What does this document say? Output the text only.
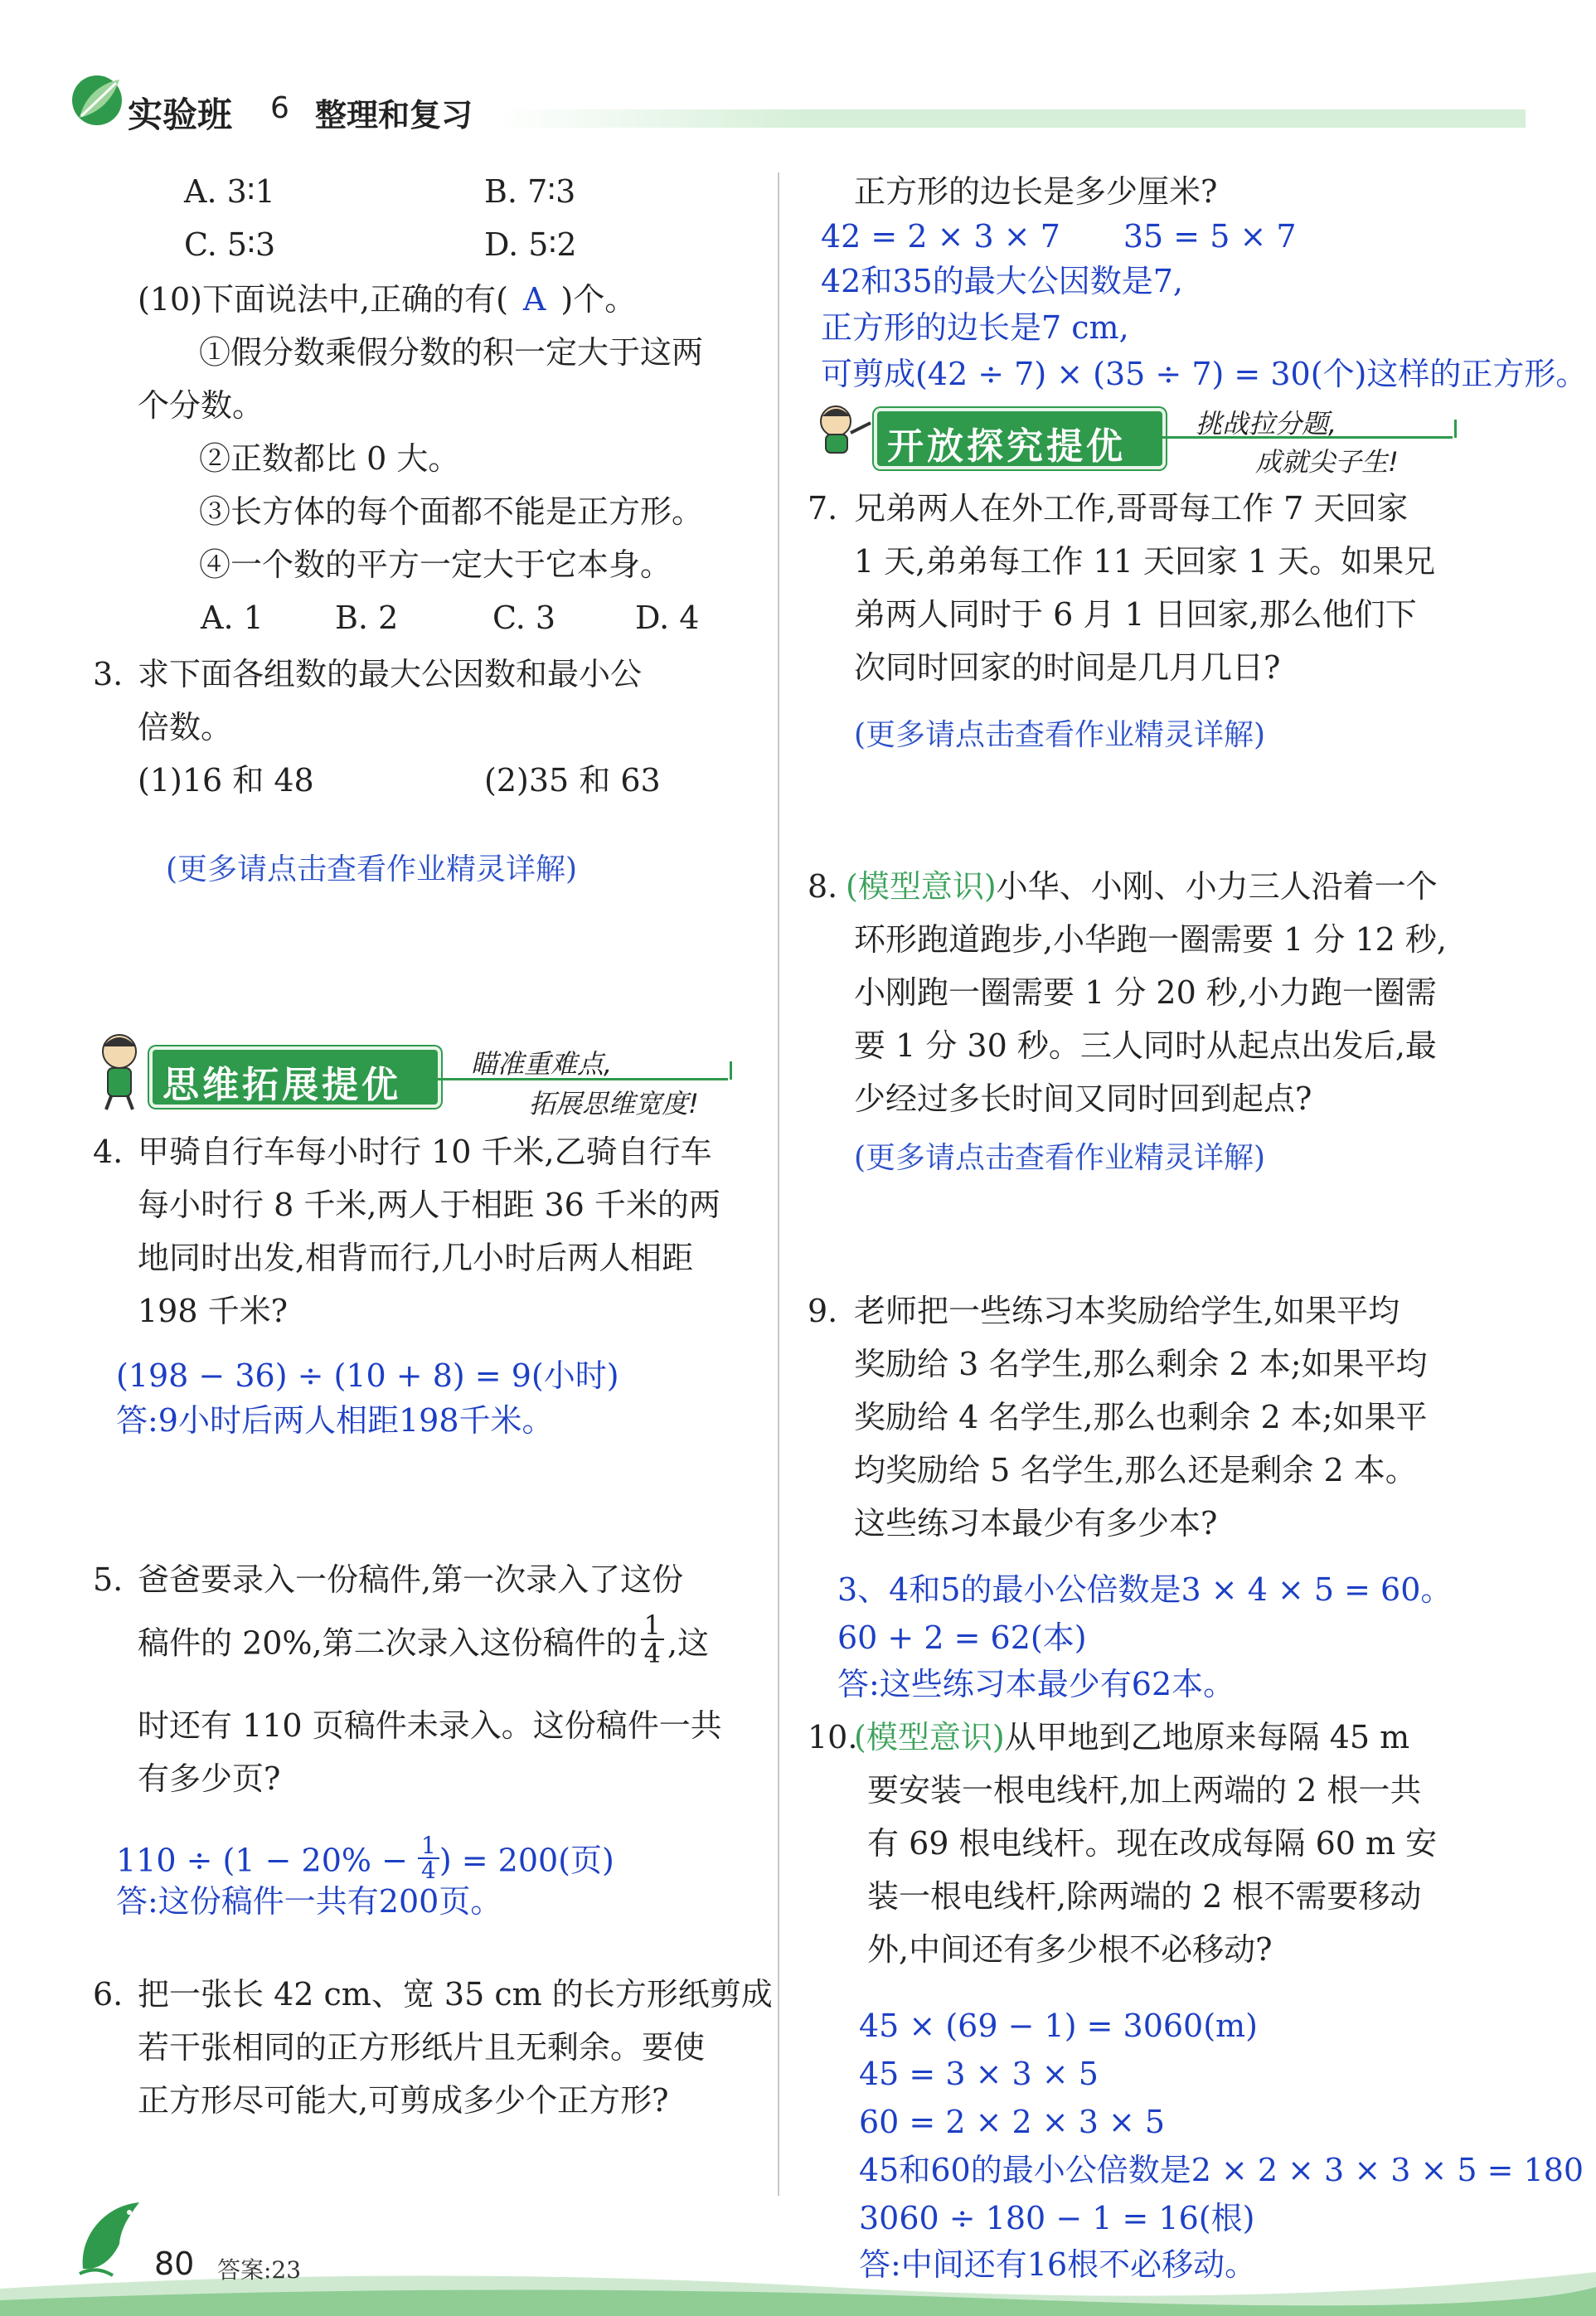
实验班 6 整理和复习
A. 3∶1	B. 7∶3
C. 5∶3	D. 5∶2
(10)下面说法中,正确的有( A )个。
①假分数乘假分数的积一定大于这两
个分数。
②正数都比 0 大。
③长方体的每个面都不能是正方形。
④一个数的平方一定大于它本身。
A. 1 B. 2	C. 3	D. 4
3. 求下面各组数的最大公因数和最小公
倍数。
(1)16 和 48	(2)35 和 63
(更多请点击查看作业精灵详解)
思维拓展提优	瞄准重难点,
拓展思维宽度!
4. 甲骑自行车每小时行 10 千米,乙骑自行车
每小时行 8 千米,两人于相距 36 千米的两
地同时出发,相背而行,几小时后两人相距
198 千米?
(198 − 36) ÷ (10 + 8) = 9(小时)
答:9小时后两人相距198千米。
5. 爸爸要录入一份稿件,第一次录入了这份
稿件的 20%,第二次录入这份稿件的 $\frac{1}{4}$ ,这
时还有 110 页稿件未录入。这份稿件一共
有多少页?
$110 \div (1 - 20\% - \frac{1}{4}$ ) = 200(页)
答:这份稿件一共有200页。
6. 把一张长 42 cm、宽 35 cm 的长方形纸剪成
若干张相同的正方形纸片且无剩余。要使
正方形尽可能大,可剪成多少个正方形?
正方形的边长是多少厘米?
42 = 2 × 3 × 7　　35 = 5 × 7
42和35的最大公因数是7,
正方形的边长是7 cm,
可剪成(42 ÷ 7) × (35 ÷ 7) = 30(个)这样的正方形。
开放探究提优
挑战拉分题,
成就尖子生!
7. 兄弟两人在外工作,哥哥每工作 7 天回家
1 天,弟弟每工作 11 天回家 1 天。如果兄
弟两人同时于 6 月 1 日回家,那么他们下
次同时回家的时间是几月几日?
(更多请点击查看作业精灵详解)
8. (模型意识)小华、小刚、小力三人沿着一个
环形跑道跑步,小华跑一圈需要 1 分 12 秒,
小刚跑一圈需要 1 分 20 秒,小力跑一圈需
要 1 分 30 秒。三人同时从起点出发后,最
少经过多长时间又同时回到起点?
(更多请点击查看作业精灵详解)
9. 老师把一些练习本奖励给学生,如果平均
奖励给 3 名学生,那么剩余 2 本;如果平均
奖励给 4 名学生,那么也剩余 2 本;如果平
均奖励给 5 名学生,那么还是剩余 2 本。
这些练习本最少有多少本?
3、4和5的最小公倍数是3 × 4 × 5 = 60。
60 + 2 = 62(本)
答:这些练习本最少有62本。
10.
(模型意识)从甲地到乙地原来每隔 45 m
要安装一根电线杆,加上两端的 2 根一共
有 69 根电线杆。现在改成每隔 60 m 安
装一根电线杆,除两端的 2 根不需要移动
外,中间还有多少根不必移动?
45 × (69 − 1) = 3060(m)
45 = 3 × 3 × 5
60 = 2 × 2 × 3 × 5
45和60的最小公倍数是2 × 2 × 3 × 3 × 5 = 180
3060 ÷ 180 − 1 = 16(根)
答:中间还有16根不必移动。
80 答案:23
